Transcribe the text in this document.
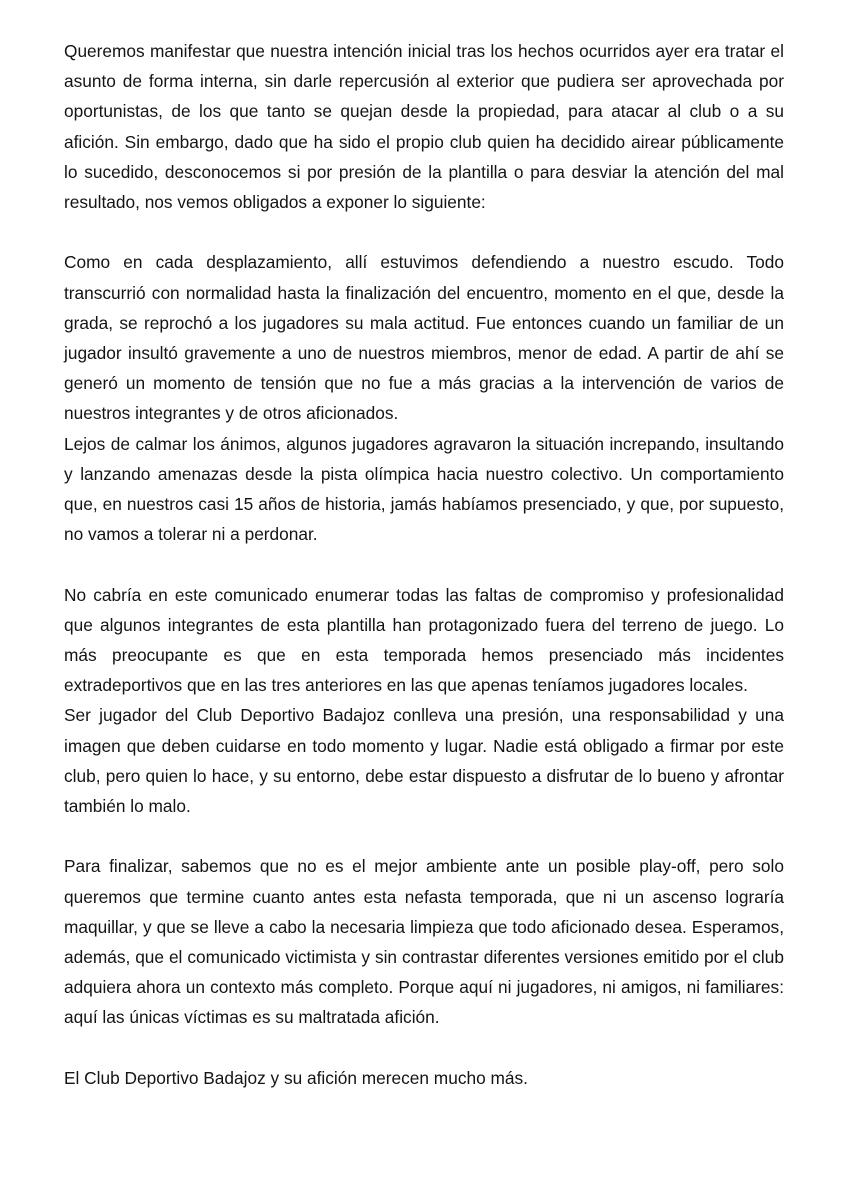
Queremos manifestar que nuestra intención inicial tras los hechos ocurridos ayer era tratar el asunto de forma interna, sin darle repercusión al exterior que pudiera ser aprovechada por oportunistas, de los que tanto se quejan desde la propiedad, para atacar al club o a su afición. Sin embargo, dado que ha sido el propio club quien ha decidido airear públicamente lo sucedido, desconocemos si por presión de la plantilla o para desviar la atención del mal resultado, nos vemos obligados a exponer lo siguiente:

Como en cada desplazamiento, allí estuvimos defendiendo a nuestro escudo. Todo transcurrió con normalidad hasta la finalización del encuentro, momento en el que, desde la grada, se reprochó a los jugadores su mala actitud. Fue entonces cuando un familiar de un jugador insultó gravemente a uno de nuestros miembros, menor de edad. A partir de ahí se generó un momento de tensión que no fue a más gracias a la intervención de varios de nuestros integrantes y de otros aficionados.

Lejos de calmar los ánimos, algunos jugadores agravaron la situación increpando, insultando y lanzando amenazas desde la pista olímpica hacia nuestro colectivo. Un comportamiento que, en nuestros casi 15 años de historia, jamás habíamos presenciado, y que, por supuesto, no vamos a tolerar ni a perdonar.

No cabría en este comunicado enumerar todas las faltas de compromiso y profesionalidad que algunos integrantes de esta plantilla han protagonizado fuera del terreno de juego. Lo más preocupante es que en esta temporada hemos presenciado más incidentes extradeportivos que en las tres anteriores en las que apenas teníamos jugadores locales.

Ser jugador del Club Deportivo Badajoz conlleva una presión, una responsabilidad y una imagen que deben cuidarse en todo momento y lugar. Nadie está obligado a firmar por este club, pero quien lo hace, y su entorno, debe estar dispuesto a disfrutar de lo bueno y afrontar también lo malo.

Para finalizar, sabemos que no es el mejor ambiente ante un posible play-off, pero solo queremos que termine cuanto antes esta nefasta temporada, que ni un ascenso lograría maquillar, y que se lleve a cabo la necesaria limpieza que todo aficionado desea. Esperamos, además, que el comunicado victimista y sin contrastar diferentes versiones emitido por el club adquiera ahora un contexto más completo. Porque aquí ni jugadores, ni amigos, ni familiares: aquí las únicas víctimas es su maltratada afición.

El Club Deportivo Badajoz y su afición merecen mucho más.
